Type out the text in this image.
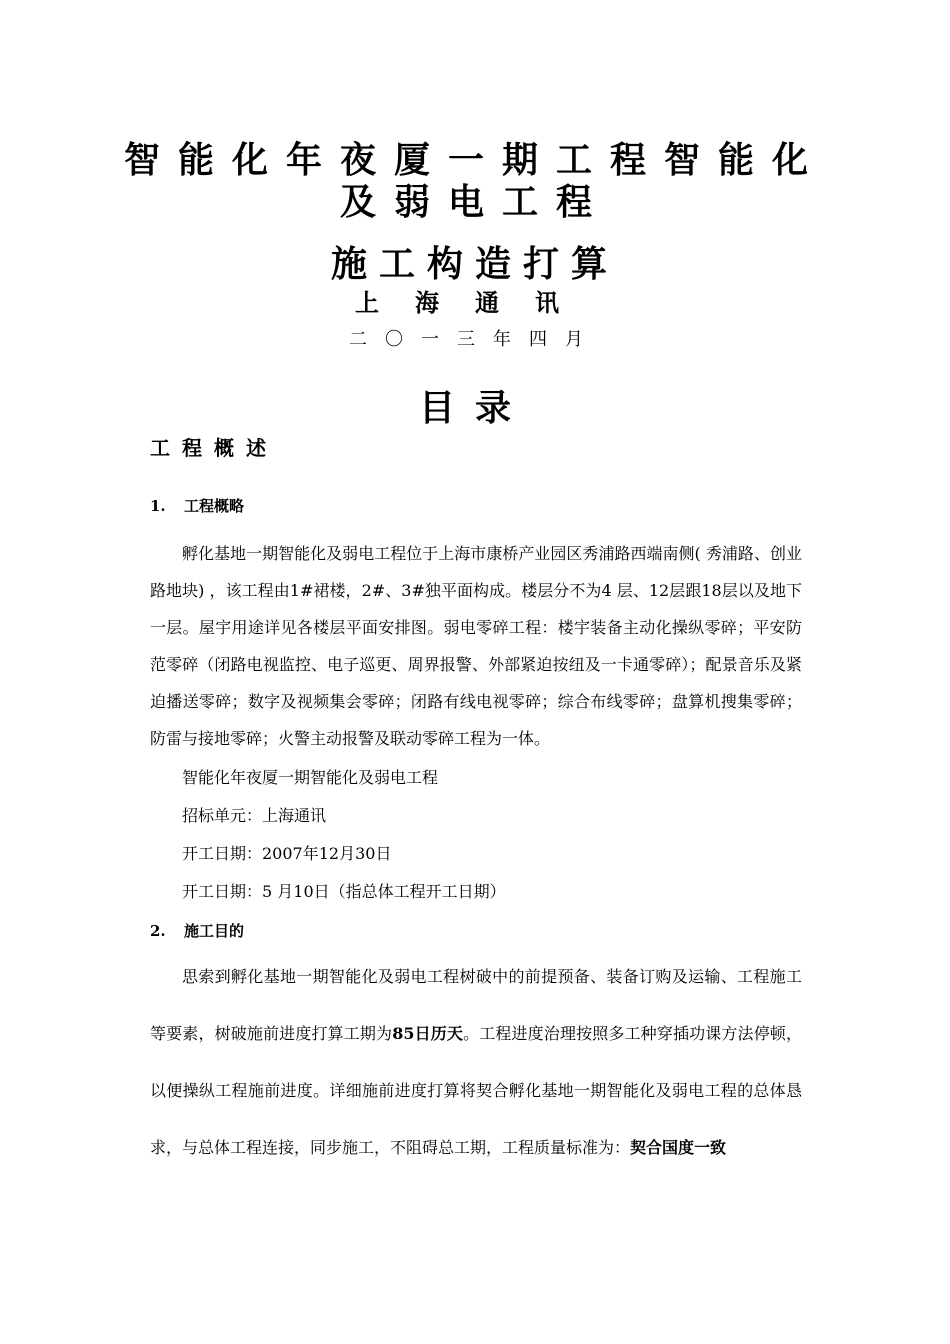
智能化年夜厦一期工程智能化
及弱电工程
施工构造打算
上海通讯
二〇一三年四月
目录
工程概述
1. 工程概略

孵化基地一期智能化及弱电工程位于上海市康桥产业园区秀浦路西端南侧( 秀浦路、创业路地块) ，该工程由1#裙楼，2#、3#独平面构成。楼层分不为4 层、12层跟18层以及地下一层。屋宇用途详见各楼层平面安排图。弱电零碎工程：楼宇装备主动化操纵零碎；平安防范零碎（闭路电视监控、电子巡更、周界报警、外部紧迫按纽及一卡通零碎）；配景音乐及紧迫播送零碎；数字及视频集会零碎；闭路有线电视零碎；综合布线零碎；盘算机搜集零碎；防雷与接地零碎；火警主动报警及联动零碎工程为一体。

智能化年夜厦一期智能化及弱电工程
招标单元：上海通讯
开工日期：2007年12月30日
开工日期：5 月10日（指总体工程开工日期）
2. 施工目的

思索到孵化基地一期智能化及弱电工程树破中的前提预备、装备订购及运输、工程施工等要素，树破施前进度打算工期为85日历天。工程进度治理按照多工种穿插功课方法停顿，以便操纵工程施前进度。详细施前进度打算将契合孵化基地一期智能化及弱电工程的总体恳求，与总体工程连接，同步施工，不阻碍总工期，工程质量标准为：契合国度一致
